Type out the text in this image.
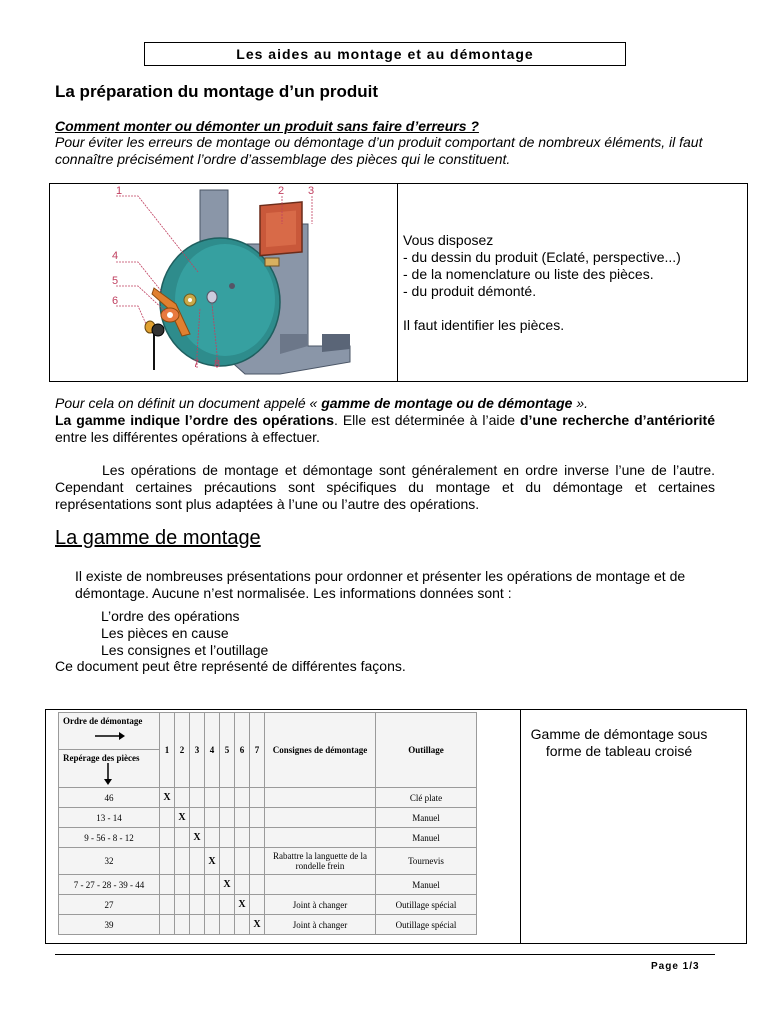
Les aides au montage et au démontage
La préparation du montage d’un produit
Comment monter ou démonter un produit sans faire d’erreurs ?
Pour éviter les erreurs de montage ou démontage d’un produit comportant de nombreux éléments, il faut connaître précisément l’ordre d’assemblage des pièces qui le constituent.
1	2 3
4
5
6
7 8
Vous disposez
- du dessin du produit (Eclaté, perspective...)
- de la nomenclature ou liste des pièces.
- du produit démonté.
Il faut identifier les pièces.
Pour cela on définit un document appelé « gamme de montage ou de démontage ».
La gamme indique l’ordre des opérations. Elle est déterminée à l’aide d’une recherche d’antériorité entre les différentes opérations à effectuer.
Les opérations de montage et démontage sont généralement en ordre inverse l’une de l’autre. Cependant certaines précautions sont spécifiques du montage et du démontage et certaines représentations sont plus adaptées à l’une ou l’autre des opérations.
La gamme de montage
Il existe de nombreuses présentations pour ordonner et présenter les opérations de montage et de démontage. Aucune n’est normalisée. Les informations données sont :
L’ordre des opérations
Les pièces en cause
Les consignes et l’outillage
Ce document peut être représenté de différentes façons.
Ordre de démontage
Repérage des pièces	1	2	3	4	5	6	7	Consignes de démontage	Outillage
46	X								Clé plate
13 - 14		X							Manuel
9 - 56 - 8 - 12			X						Manuel
32				X				Rabattre la languette de la rondelle frein	Tournevis
7 - 27 - 28 - 39 - 44					X				Manuel
27						X		Joint à changer	Outillage spécial
39							X	Joint à changer	Outillage spécial
Gamme de démontage sous forme de tableau croisé
Page 1/3
